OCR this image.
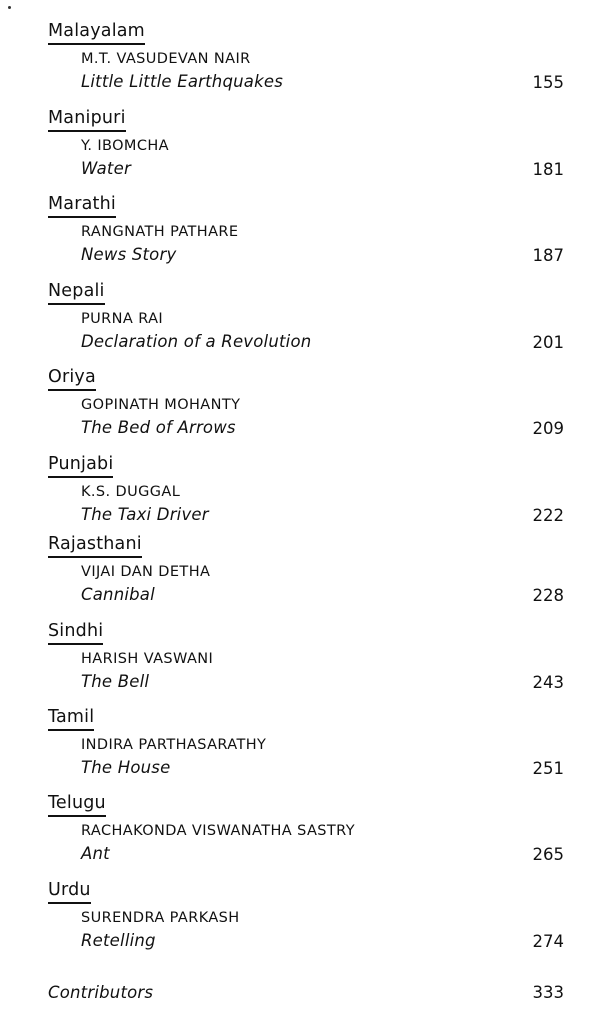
Malayalam
M.T. VASUDEVAN NAIR
Little Little Earthquakes	155
Manipuri
Y. IBOMCHA
Water	181
Marathi
RANGNATH PATHARE
News Story	187
Nepali
PURNA RAI
Declaration of a Revolution	201
Oriya
GOPINATH MOHANTY
The Bed of Arrows	209
Punjabi
K.S. DUGGAL
The Taxi Driver	222
Rajasthani
VIJAI DAN DETHA
Cannibal	228
Sindhi
HARISH VASWANI
The Bell	243
Tamil
INDIRA PARTHASARATHY
The House	251
Telugu
RACHAKONDA VISWANATHA SASTRY
Ant	265
Urdu
SURENDRA PARKASH
Retelling	274
Contributors	333
